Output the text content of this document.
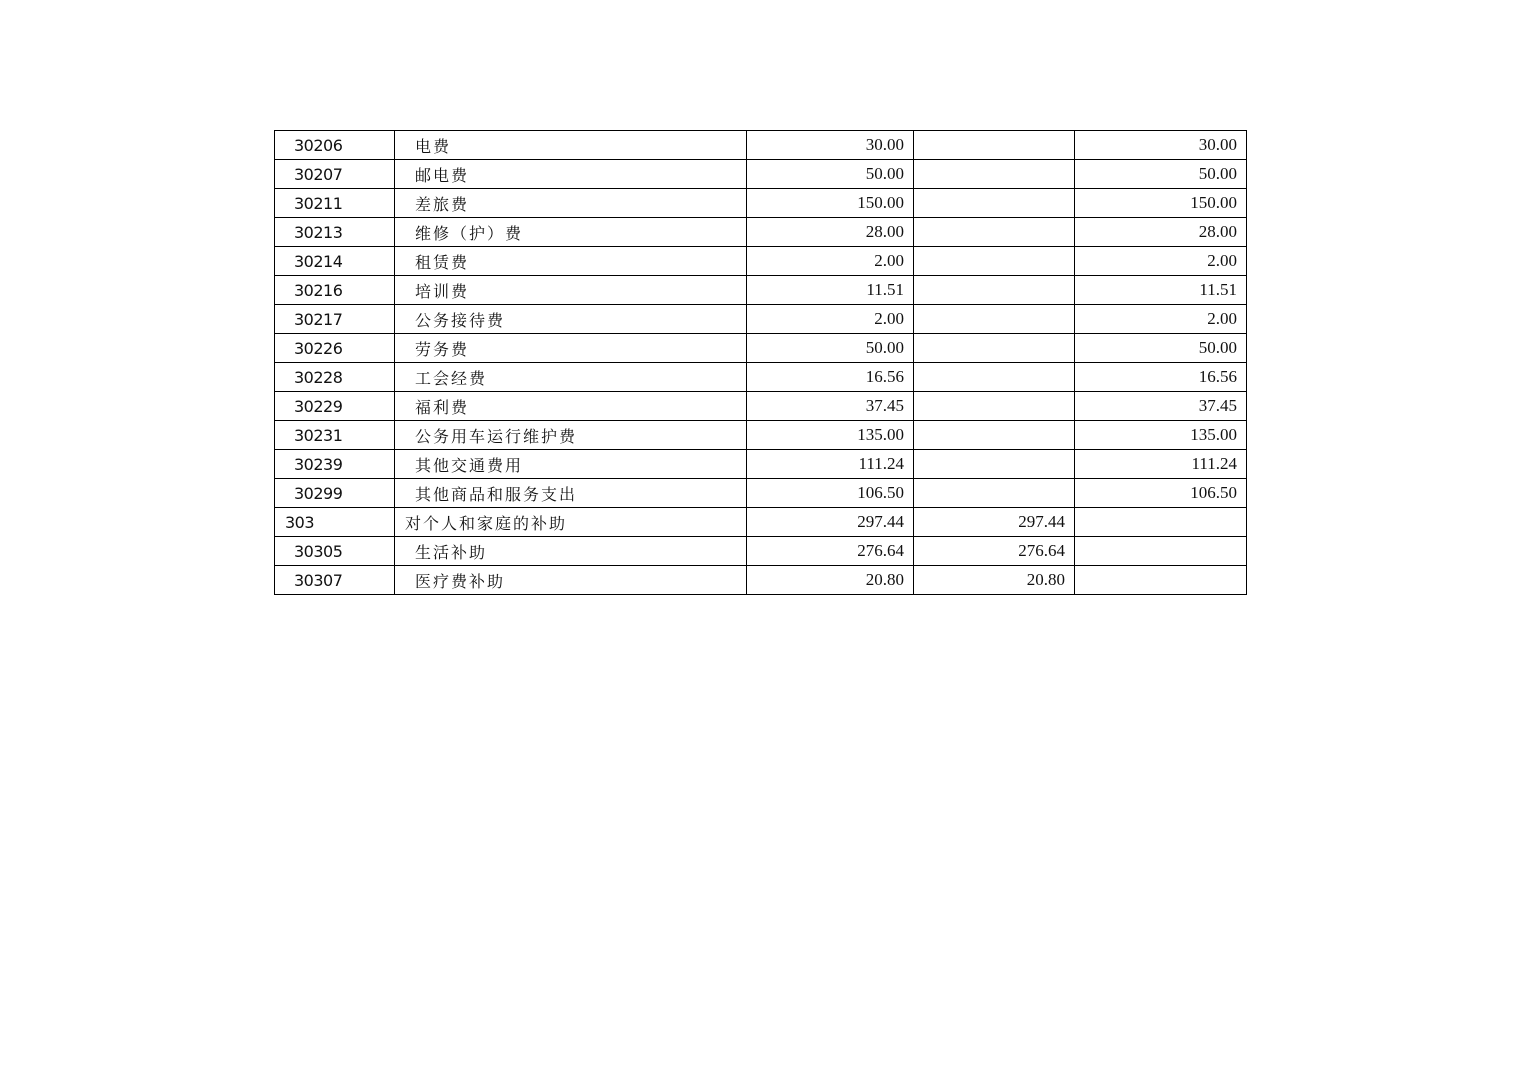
30206	电费	30.00		30.00
30207	邮电费	50.00		50.00
30211	差旅费	150.00		150.00
30213	维修（护）费	28.00		28.00
30214	租赁费	2.00		2.00
30216	培训费	11.51		11.51
30217	公务接待费	2.00		2.00
30226	劳务费	50.00		50.00
30228	工会经费	16.56		16.56
30229	福利费	37.45		37.45
30231	公务用车运行维护费	135.00		135.00
30239	其他交通费用	111.24		111.24
30299	其他商品和服务支出	106.50		106.50
303	对个人和家庭的补助	297.44	297.44	
30305	生活补助	276.64	276.64	
30307	医疗费补助	20.80	20.80	
